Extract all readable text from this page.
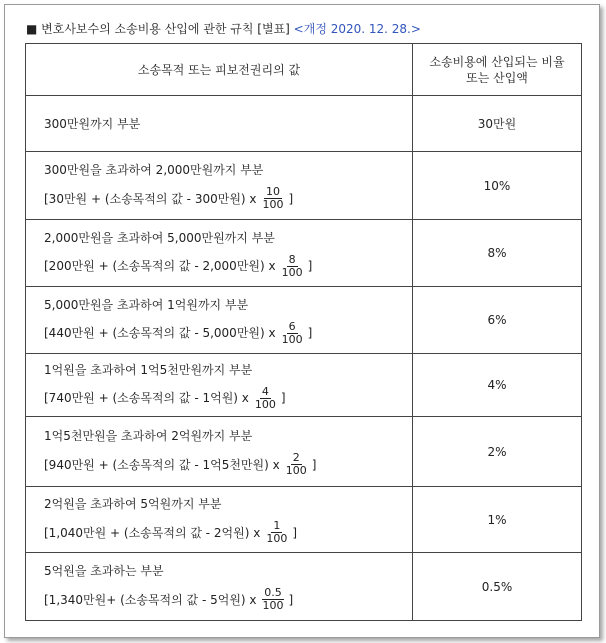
■ 변호사보수의 소송비용 산입에 관한 규칙 [별표] <개정 2020. 12. 28.>
소송목적 또는 피보전권리의 값	소송비용에 산입되는 비율 또는 산입액

300만원까지 부분	30만원

300만원을 초과하여 2,000만원까지 부분
[30만원 + (소송목적의 값 - 300만원) x $\frac{10}{100}$ ]	10%

2,000만원을 초과하여 5,000만원까지 부분
[200만원 + (소송목적의 값 - 2,000만원) x $\frac{8}{100}$ ]	8%

5,000만원을 초과하여 1억원까지 부분
[440만원 + (소송목적의 값 - 5,000만원) x $\frac{6}{100}$ ]	6%

1억원을 초과하여 1억5천만원까지 부분
[740만원 + (소송목적의 값 - 1억원) x $\frac{4}{100}$ ]	4%

1억5천만원을 초과하여 2억원까지 부분
[940만원 + (소송목적의 값 - 1억5천만원) x $\frac{2}{100}$ ]	2%

2억원을 초과하여 5억원까지 부분
[1,040만원 + (소송목적의 값 - 2억원) x $\frac{1}{100}$ ]	1%

5억원을 초과하는 부분
[1,340만원+ (소송목적의 값 - 5억원) x $\frac{0.5}{100}$ ]	0.5%
